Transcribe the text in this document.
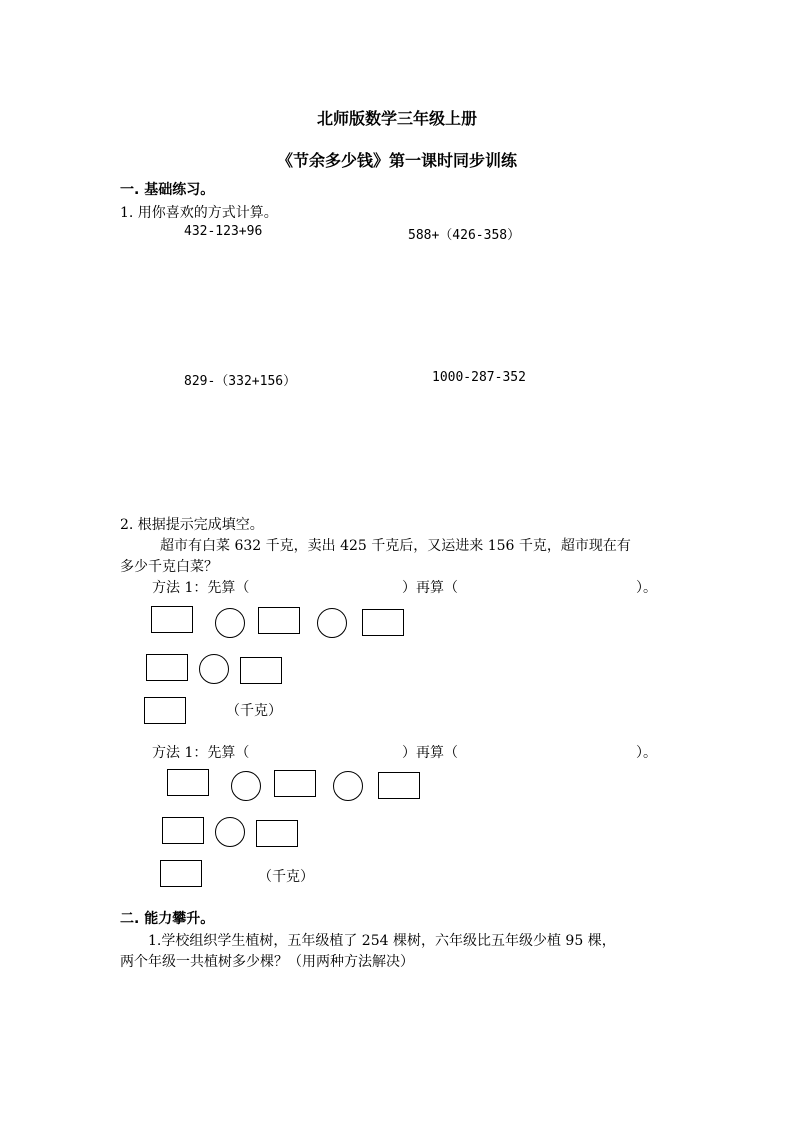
北师版数学三年级上册
《节余多少钱》第一课时同步训练
一. 基础练习。
1. 用你喜欢的方式计算。
432-123+96	588+（426-358）
829-（332+156）	1000-287-352
2. 根据提示完成填空。
超市有白菜 632 千克，卖出 425 千克后，又运进来 156 千克，超市现在有
多少千克白菜？
方法 1：先算（	）再算（	）。
（千克）
方法 1：先算（	）再算（	）。
（千克）
二. 能力攀升。
1.学校组织学生植树，五年级植了 254 棵树，六年级比五年级少植 95 棵，
两个年级一共植树多少棵？（用两种方法解决）
